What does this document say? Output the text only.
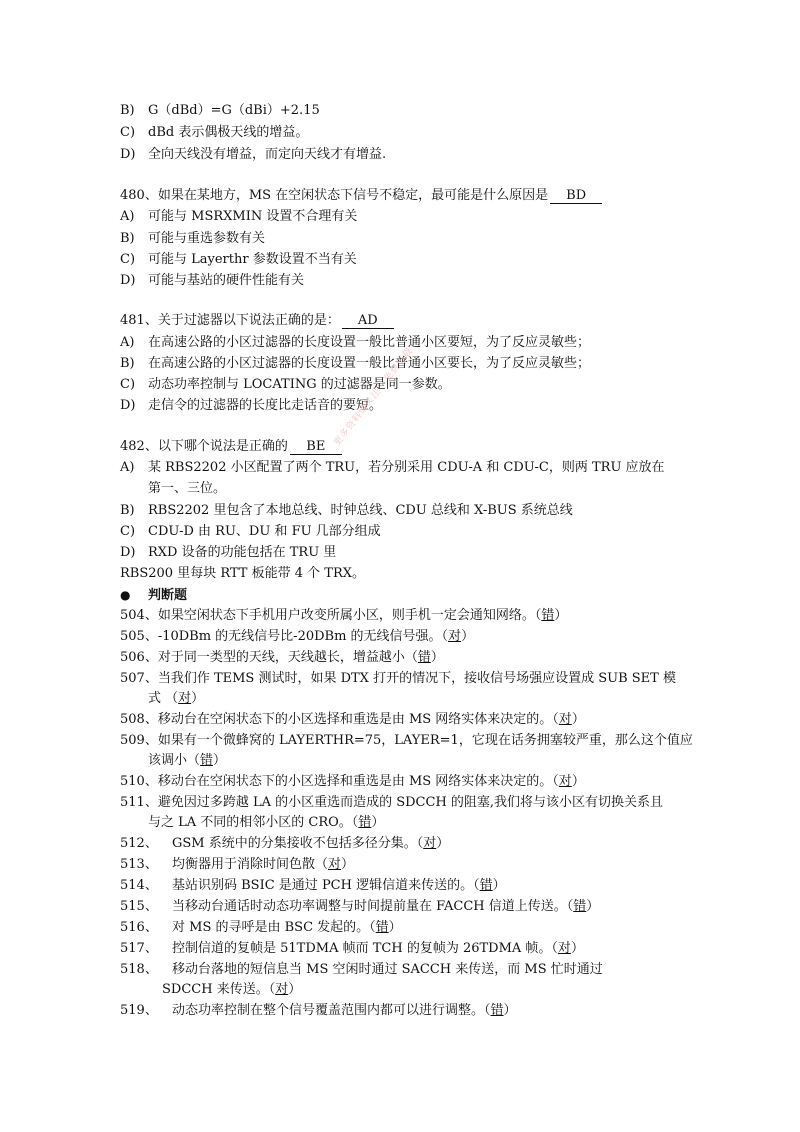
B) G（dBd）=G（dBi）+2.15
C) dBd 表示偶极天线的增益。
D) 全向天线没有增益，而定向天线才有增益.
480、如果在某地方，MS 在空闲状态下信号不稳定，最可能是什么原因是 BD
A) 可能与 MSRXMIN 设置不合理有关
B) 可能与重选参数有关
C) 可能与 Layerthr 参数设置不当有关
D) 可能与基站的硬件性能有关
481、关于过滤器以下说法正确的是： AD
A) 在高速公路的小区过滤器的长度设置一般比普通小区要短，为了反应灵敏些；
B) 在高速公路的小区过滤器的长度设置一般比普通小区要长，为了反应灵敏些；
C) 动态功率控制与 LOCATING 的过滤器是同一参数。
D) 走信令的过滤器的长度比走话音的要短。
482、以下哪个说法是正确的 BE
A) 某 RBS2202 小区配置了两个 TRU，若分别采用 CDU-A 和 CDU-C，则两 TRU 应放在
第一、三位。
B) RBS2202 里包含了本地总线、时钟总线、CDU 总线和 X-BUS 系统总线
C) CDU-D 由 RU、DU 和 FU 几部分组成
D) RXD 设备的功能包括在 TRU 里
RBS200 里每块 RTT 板能带 4 个 TRX。
● 判断题
504、如果空闲状态下手机用户改变所属小区，则手机一定会通知网络。（错）
505、-10DBm 的无线信号比-20DBm 的无线信号强。（对）
506、对于同一类型的天线，天线越长，增益越小（错）
507、当我们作 TEMS 测试时，如果 DTX 打开的情况下，接收信号场强应设置成 SUB SET 模
式 （对）
508、移动台在空闲状态下的小区选择和重选是由 MS 网络实体来决定的。（对）
509、如果有一个微蜂窝的 LAYERTHR=75，LAYER=1，它现在话务拥塞较严重，那么这个值应
该调小（错）
510、移动台在空闲状态下的小区选择和重选是由 MS 网络实体来决定的。（对）
511、避免因过多跨越 LA 的小区重选而造成的 SDCCH 的阻塞,我们将与该小区有切换关系且
与之 LA 不同的相邻小区的 CRO。（错）
512、 GSM 系统中的分集接收不包括多径分集。（对）
513、 均衡器用于消除时间色散（对）
514、 基站识别码 BSIC 是通过 PCH 逻辑信道来传送的。（错）
515、 当移动台通话时动态功率调整与时间提前量在 FACCH 信道上传送。（错）
516、 对 MS 的寻呼是由 BSC 发起的。（错）
517、 控制信道的复帧是 51TDMA 帧而 TCH 的复帧为 26TDMA 帧。（对）
518、 移动台落地的短信息当 MS 空闲时通过 SACCH 来传送，而 MS 忙时通过
SDCCH 来传送。（对）
519、 动态功率控制在整个信号覆盖范围内都可以进行调整。（错）
更多资料请关注 · 免费下载
